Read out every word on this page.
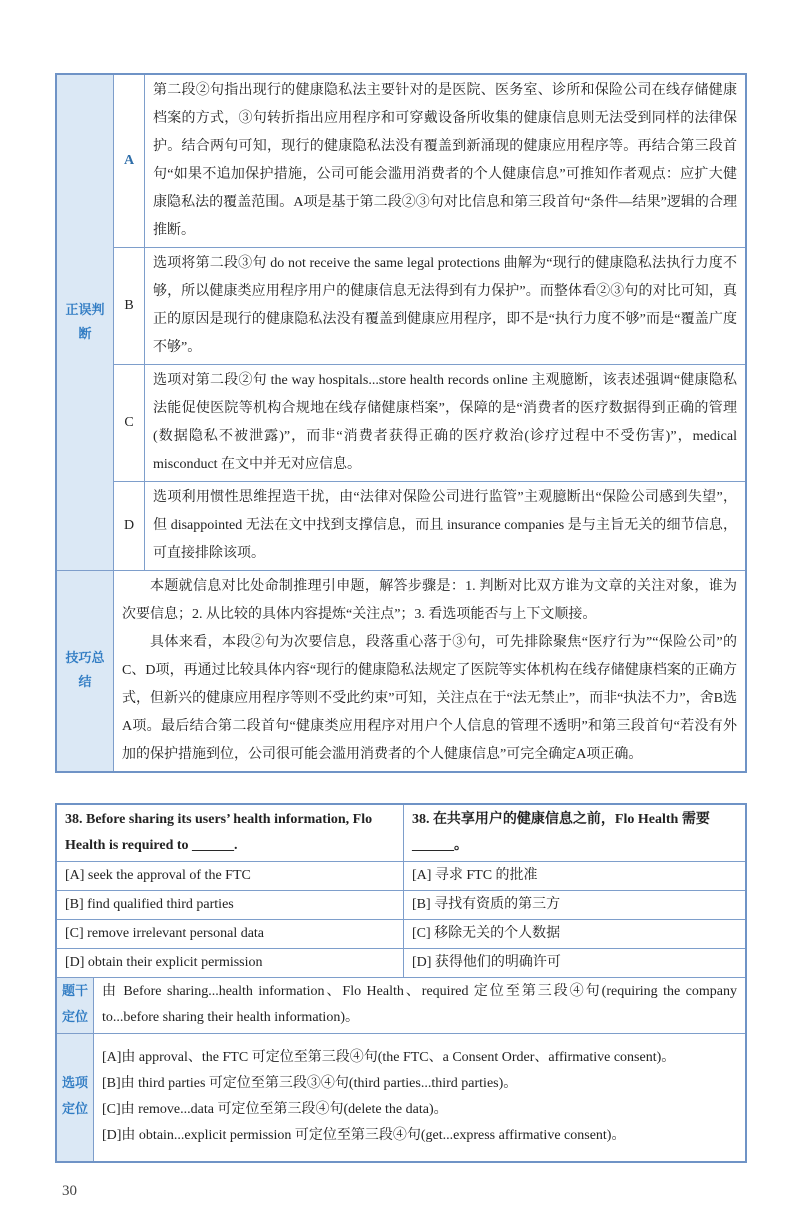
正误判断	A	第二段②句指出现行的健康隐私法主要针对的是医院、医务室、诊所和保险公司在线存储健康档案的方式，③句转折指出应用程序和可穿戴设备所收集的健康信息则无法受到同样的法律保护。结合两句可知，现行的健康隐私法没有覆盖到新涌现的健康应用程序等。再结合第三段首句“如果不追加保护措施，公司可能会滥用消费者的个人健康信息”可推知作者观点：应扩大健康隐私法的覆盖范围。A项是基于第二段②③句对比信息和第三段首句“条件—结果”逻辑的合理推断。
	B	选项将第二段③句 do not receive the same legal protections 曲解为“现行的健康隐私法执行力度不够，所以健康类应用程序用户的健康信息无法得到有力保护”。而整体看②③句的对比可知，真正的原因是现行的健康隐私法没有覆盖到健康应用程序，即不是“执行力度不够”而是“覆盖广度不够”。
	C	选项对第二段②句 the way hospitals...store health records online 主观臆断，该表述强调“健康隐私法能促使医院等机构合规地在线存储健康档案”，保障的是“消费者的医疗数据得到正确的管理(数据隐私不被泄露)”，而非“消费者获得正确的医疗救治(诊疗过程中不受伤害)”，medical misconduct 在文中并无对应信息。
	D	选项利用惯性思维捏造干扰，由“法律对保险公司进行监管”主观臆断出“保险公司感到失望”，但 disappointed 无法在文中找到支撑信息，而且 insurance companies 是与主旨无关的细节信息，可直接排除该项。
技巧总结	本题就信息对比处命制推理引申题，解答步骤是：1. 判断对比双方谁为文章的关注对象，谁为次要信息；2. 从比较的具体内容提炼“关注点”；3. 看选项能否与上下文顺接。
具体来看，本段②句为次要信息，段落重心落于③句，可先排除聚焦“医疗行为”“保险公司”的C、D项，再通过比较具体内容“现行的健康隐私法规定了医院等实体机构在线存储健康档案的正确方式，但新兴的健康应用程序等则不受此约束”可知，关注点在于“法无禁止”，而非“执法不力”，舍B选A项。最后结合第二段首句“健康类应用程序对用户个人信息的管理不透明”和第三段首句“若没有外加的保护措施到位，公司很可能会滥用消费者的个人健康信息”可完全确定A项正确。	
38. Before sharing its users’ health information, Flo Health is required to ______.		38. 在共享用户的健康信息之前，Flo Health 需要______。
[A] seek the approval of the FTC		[A] 寻求 FTC 的批准
[B] find qualified third parties		[B] 寻找有资质的第三方
[C] remove irrelevant personal data		[C] 移除无关的个人数据
[D] obtain their explicit permission		[D] 获得他们的明确许可
题干定位	由 Before sharing...health information、Flo Health、required 定位至第三段④句(requiring the company to...before sharing their health information)。	
选项定位	[A]由 approval、the FTC 可定位至第三段④句(the FTC、a Consent Order、affirmative consent)。
[B]由 third parties 可定位至第三段③④句(third parties...third parties)。
[C]由 remove...data 可定位至第三段④句(delete the data)。
[D]由 obtain...explicit permission 可定位至第三段④句(get...express affirmative consent)。	
30
